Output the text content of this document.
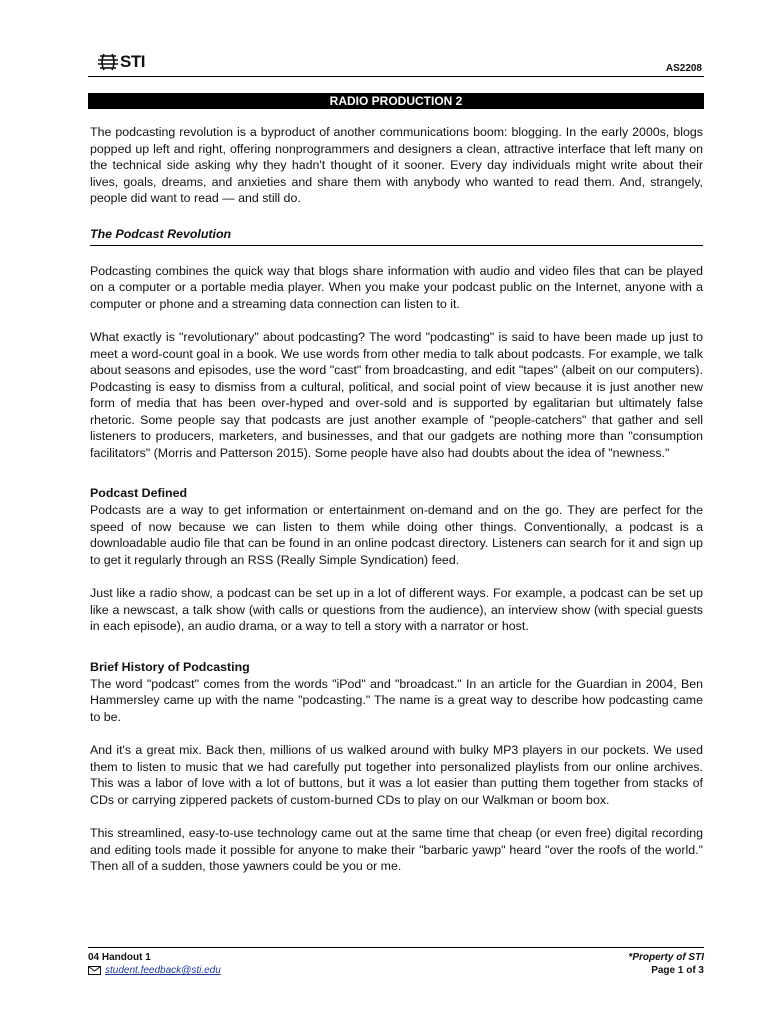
STI	AS2208
RADIO PRODUCTION 2

The podcasting revolution is a byproduct of another communications boom: blogging. In the early 2000s, blogs popped up left and right, offering nonprogrammers and designers a clean, attractive interface that left many on the technical side asking why they hadn't thought of it sooner. Every day individuals might write about their lives, goals, dreams, and anxieties and share them with anybody who wanted to read them. And, strangely, people did want to read — and still do.

The Podcast Revolution

Podcasting combines the quick way that blogs share information with audio and video files that can be played on a computer or a portable media player. When you make your podcast public on the Internet, anyone with a computer or phone and a streaming data connection can listen to it.

What exactly is "revolutionary" about podcasting? The word "podcasting" is said to have been made up just to meet a word-count goal in a book. We use words from other media to talk about podcasts. For example, we talk about seasons and episodes, use the word "cast" from broadcasting, and edit "tapes" (albeit on our computers). Podcasting is easy to dismiss from a cultural, political, and social point of view because it is just another new form of media that has been over-hyped and over-sold and is supported by egalitarian but ultimately false rhetoric. Some people say that podcasts are just another example of "people-catchers" that gather and sell listeners to producers, marketers, and businesses, and that our gadgets are nothing more than "consumption facilitators" (Morris and Patterson 2015). Some people have also had doubts about the idea of "newness."

Podcast Defined

Podcasts are a way to get information or entertainment on-demand and on the go. They are perfect for the speed of now because we can listen to them while doing other things. Conventionally, a podcast is a downloadable audio file that can be found in an online podcast directory. Listeners can search for it and sign up to get it regularly through an RSS (Really Simple Syndication) feed.

Just like a radio show, a podcast can be set up in a lot of different ways. For example, a podcast can be set up like a newscast, a talk show (with calls or questions from the audience), an interview show (with special guests in each episode), an audio drama, or a way to tell a story with a narrator or host.

Brief History of Podcasting

The word "podcast" comes from the words "iPod" and "broadcast." In an article for the Guardian in 2004, Ben Hammersley came up with the name "podcasting." The name is a great way to describe how podcasting came to be.

And it's a great mix. Back then, millions of us walked around with bulky MP3 players in our pockets. We used them to listen to music that we had carefully put together into personalized playlists from our online archives. This was a labor of love with a lot of buttons, but it was a lot easier than putting them together from stacks of CDs or carrying zippered packets of custom-burned CDs to play on our Walkman or boom box.

This streamlined, easy-to-use technology came out at the same time that cheap (or even free) digital recording and editing tools made it possible for anyone to make their "barbaric yawp" heard "over the roofs of the world." Then all of a sudden, those yawners could be you or me.

04 Handout 1
student.feedback@sti.edu
*Property of STI
Page 1 of 3
